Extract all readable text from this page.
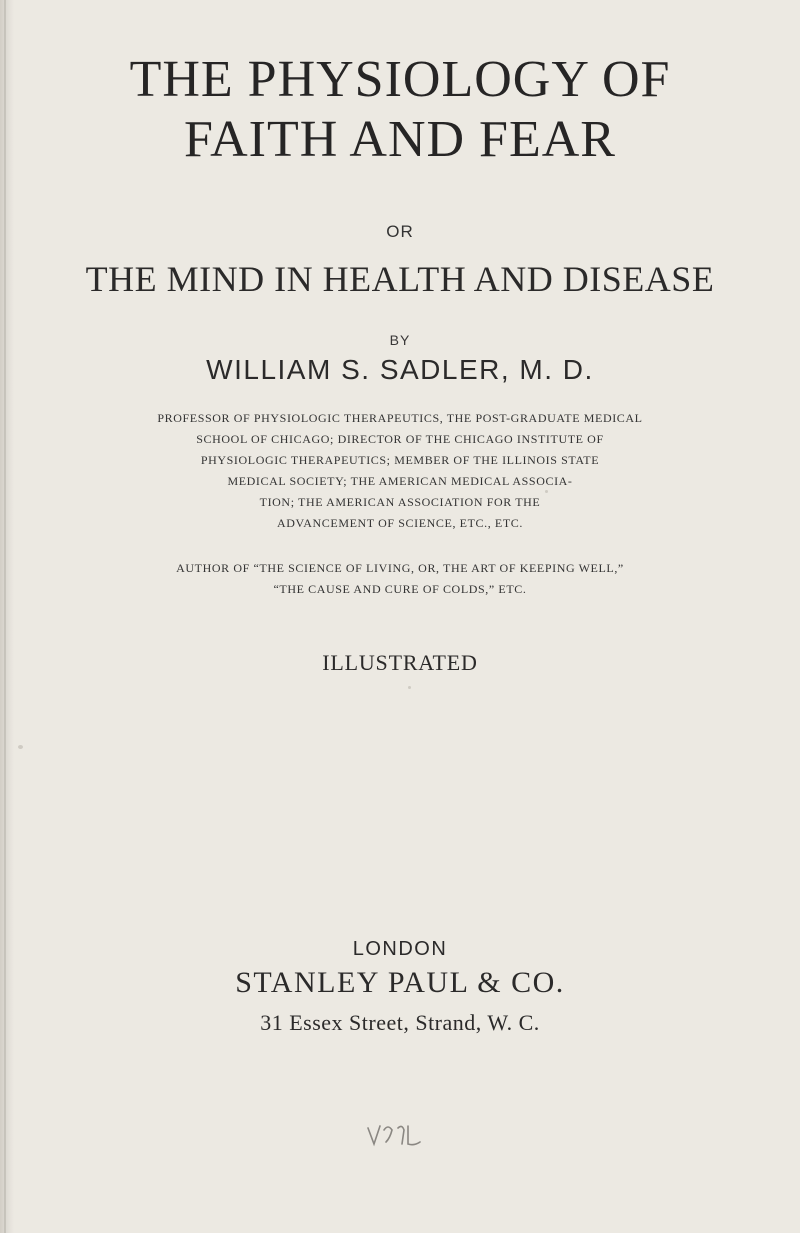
THE PHYSIOLOGY OF
FAITH AND FEAR
OR
THE MIND IN HEALTH AND DISEASE
BY
WILLIAM S. SADLER, M. D.
PROFESSOR OF PHYSIOLOGIC THERAPEUTICS, THE POST-GRADUATE MEDICAL
SCHOOL OF CHICAGO; DIRECTOR OF THE CHICAGO INSTITUTE OF
PHYSIOLOGIC THERAPEUTICS; MEMBER OF THE ILLINOIS STATE
MEDICAL SOCIETY; THE AMERICAN MEDICAL ASSOCIA-
TION; THE AMERICAN ASSOCIATION FOR THE
ADVANCEMENT OF SCIENCE, ETC., ETC.
AUTHOR OF “THE SCIENCE OF LIVING, OR, THE ART OF KEEPING WELL,”
“THE CAUSE AND CURE OF COLDS,” ETC.
ILLUSTRATED
LONDON
STANLEY PAUL & CO.
31 Essex Street, Strand, W. C.
